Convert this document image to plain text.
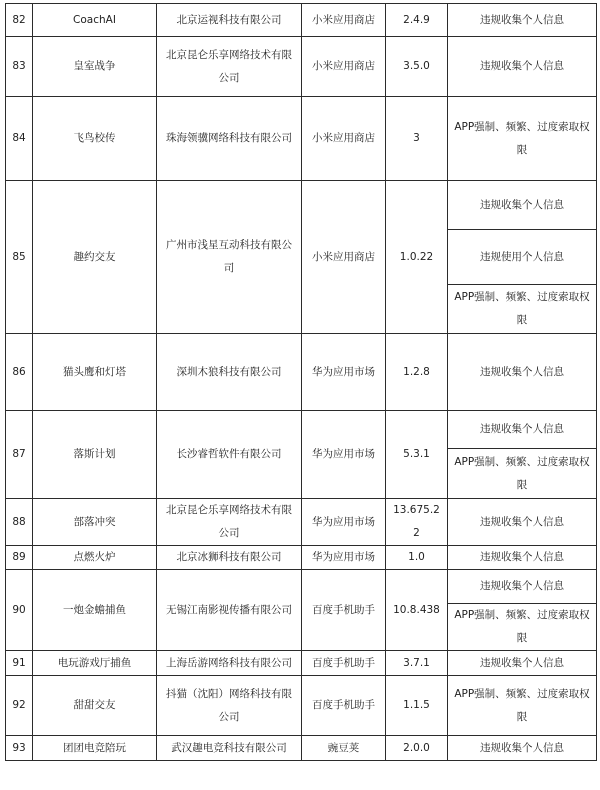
82	CoachAI	北京运视科技有限公司	小米应用商店	2.4.9	违规收集个人信息
83	皇室战争	北京昆仑乐享网络技术有限公司	小米应用商店	3.5.0	违规收集个人信息
84	飞鸟校传	珠海领骥网络科技有限公司	小米应用商店	3	APP强制、频繁、过度索取权限
85	趣约交友	广州市浅星互动科技有限公司	小米应用商店	1.0.22	违规收集个人信息
					违规使用个人信息
					APP强制、频繁、过度索取权限
86	猫头鹰和灯塔	深圳木狼科技有限公司	华为应用市场	1.2.8	违规收集个人信息
87	落斯计划	长沙睿哲软件有限公司	华为应用市场	5.3.1	违规收集个人信息
					APP强制、频繁、过度索取权限
88	部落冲突	北京昆仑乐享网络技术有限公司	华为应用市场	13.675.22	违规收集个人信息
89	点燃火炉	北京冰狮科技有限公司	华为应用市场	1.0	违规收集个人信息
90	一炮金蟾捕鱼	无锡江南影视传播有限公司	百度手机助手	10.8.438	违规收集个人信息
					APP强制、频繁、过度索取权限
91	电玩游戏厅捕鱼	上海岳游网络科技有限公司	百度手机助手	3.7.1	违规收集个人信息
92	甜甜交友	抖猫（沈阳）网络科技有限公司	百度手机助手	1.1.5	APP强制、频繁、过度索取权限
93	团团电竞陪玩	武汉趣电竞科技有限公司	豌豆荚	2.0.0	违规收集个人信息
